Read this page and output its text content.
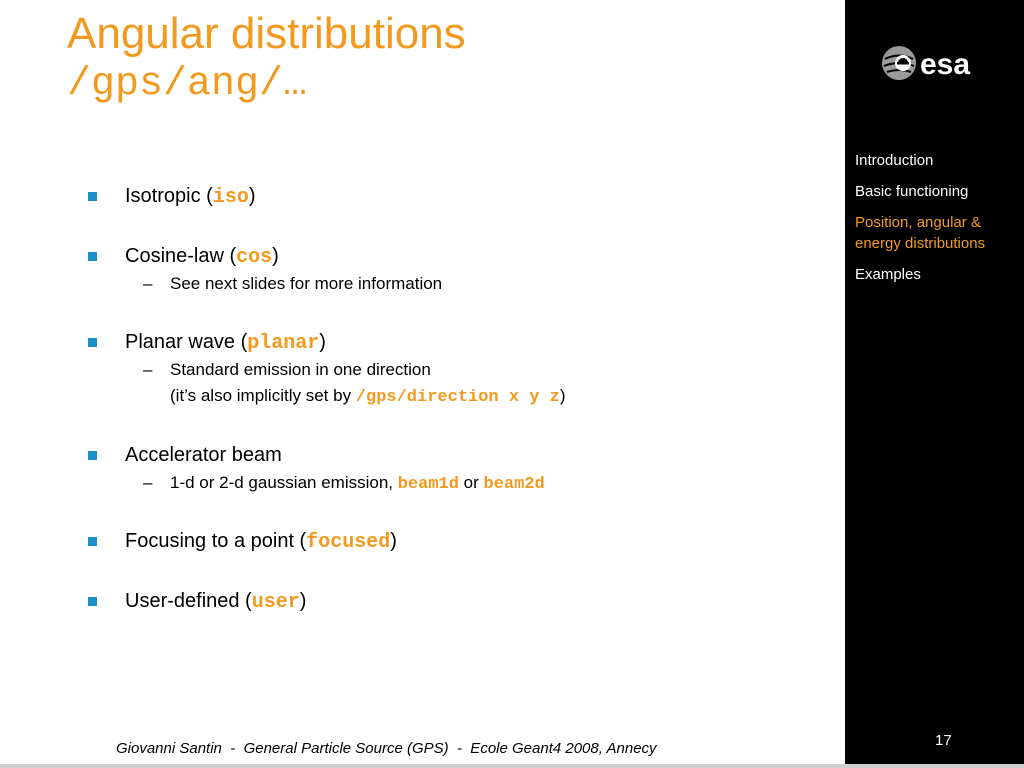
Angular distributions
/gps/ang/…
Isotropic (iso)
Cosine-law (cos)
– See next slides for more information
Planar wave (planar)
– Standard emission in one direction
(it’s also implicitly set by /gps/direction x y z)
Accelerator beam
– 1-d or 2-d gaussian emission, beam1d or beam2d
Focusing to a point (focused)
User-defined (user)
Giovanni Santin  -  General Particle Source (GPS)  -  Ecole Geant4 2008, Annecy
esa
Introduction
Basic functioning
Position, angular & energy distributions
Examples
17
